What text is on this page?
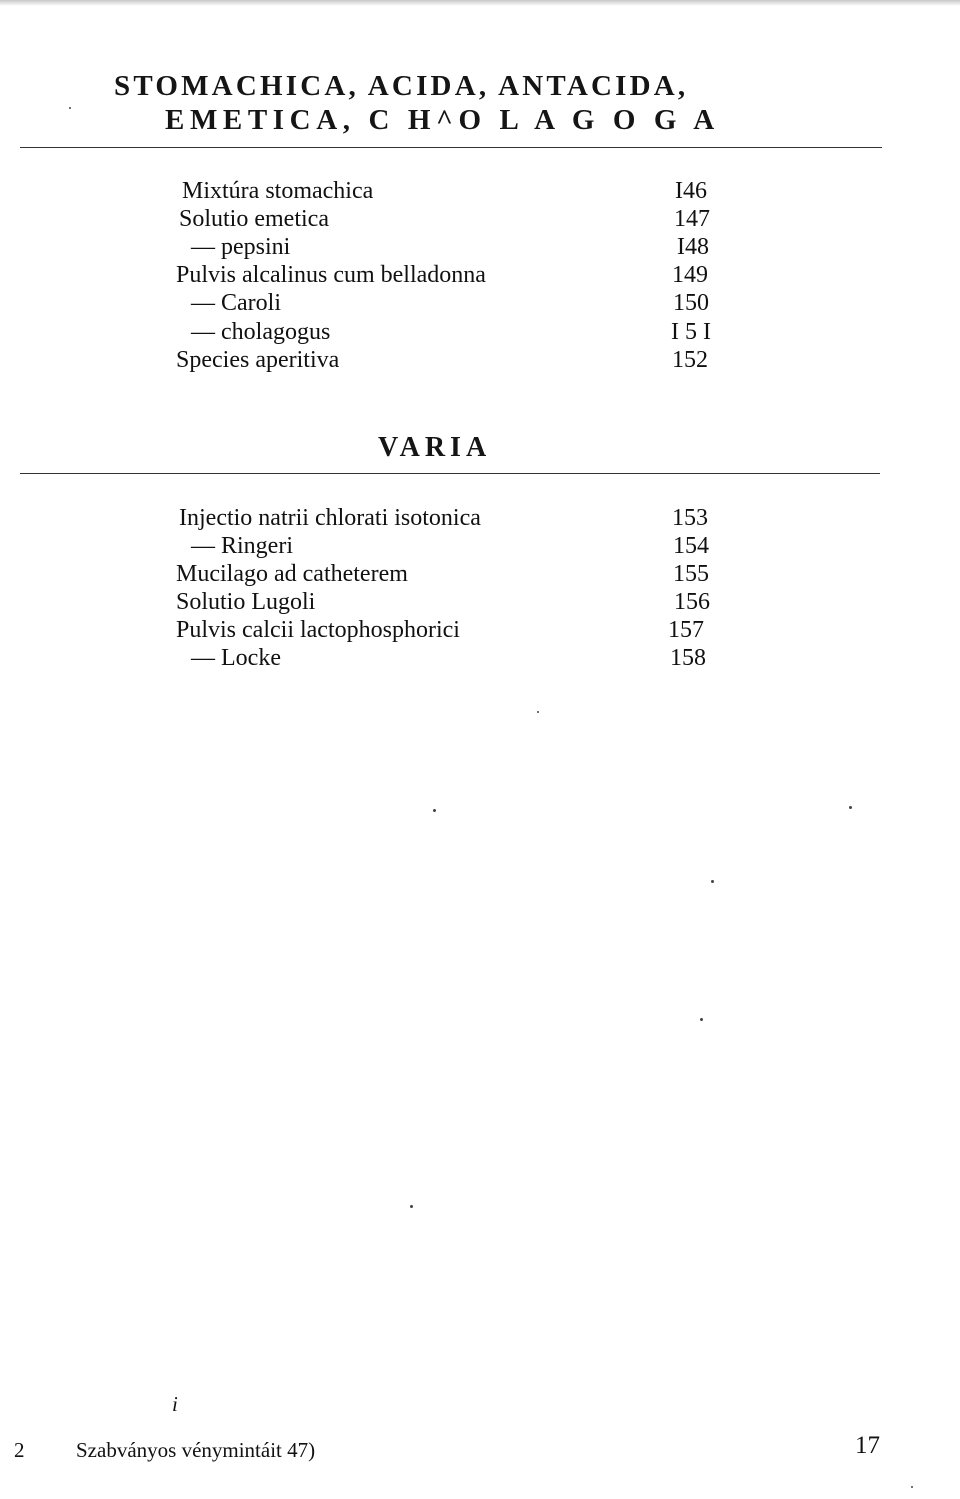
STOMACHICA, ACIDA, ANTACIDA,
EMETICA, C H^O L A G O G A
Mixtúra stomachica	I46
Solutio emetica	147
— pepsini	I48
Pulvis alcalinus cum belladonna	149
— Caroli	150
— cholagogus	I 5 I
Species aperitiva	152
VARIA
Injectio natrii chlorati isotonica	153
— Ringeri	154
Mucilago ad catheterem	155
Solutio Lugoli	156
Pulvis calcii lactophosphorici	157
— Locke	158
i
2 Szabványos vénymintáit 47)	17
